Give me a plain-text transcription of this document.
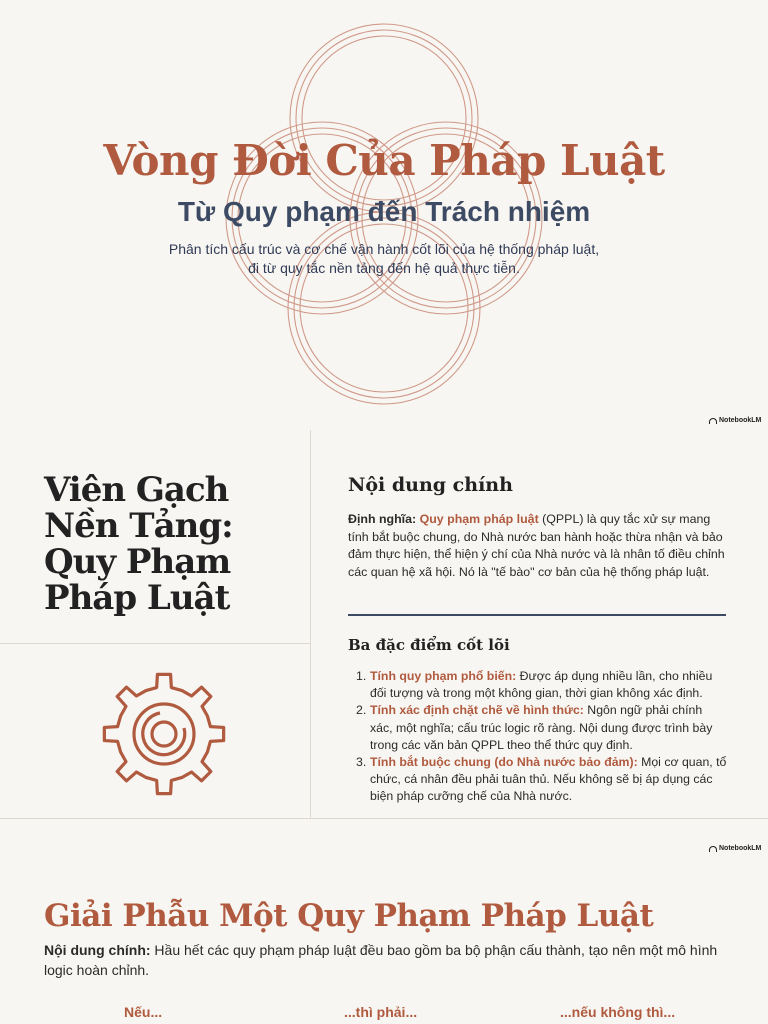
Vòng Đời Của Pháp Luật
Từ Quy phạm đến Trách nhiệm
Phân tích cấu trúc và cơ chế vận hành cốt lõi của hệ thống pháp luật,
đi từ quy tắc nền tảng đến hệ quả thực tiễn.
NotebookLM
Viên Gạch
Nền Tảng:
Quy Phạm
Pháp Luật
Nội dung chính

Định nghĩa: Quy phạm pháp luật (QPPL) là quy tắc xử sự mang tính bắt buộc chung, do Nhà nước ban hành hoặc thừa nhận và bảo đảm thực hiện, thể hiện ý chí của Nhà nước và là nhân tố điều chỉnh các quan hệ xã hội. Nó là "tế bào" cơ bản của hệ thống pháp luật.

Ba đặc điểm cốt lõi
1. Tính quy phạm phổ biến: Được áp dụng nhiều lần, cho nhiều đối tượng và trong một không gian, thời gian không xác định.
2. Tính xác định chặt chẽ về hình thức: Ngôn ngữ phải chính xác, một nghĩa; cấu trúc logic rõ ràng. Nội dung được trình bày trong các văn bản QPPL theo thể thức quy định.
3. Tính bắt buộc chung (do Nhà nước bảo đảm): Mọi cơ quan, tổ chức, cá nhân đều phải tuân thủ. Nếu không sẽ bị áp dụng các biện pháp cưỡng chế của Nhà nước.
NotebookLM
Giải Phẫu Một Quy Phạm Pháp Luật

Nội dung chính: Hầu hết các quy phạm pháp luật đều bao gồm ba bộ phận cấu thành, tạo nên một mô hình logic hoàn chỉnh.

Nếu...	...thì phải...	...nếu không thì...
